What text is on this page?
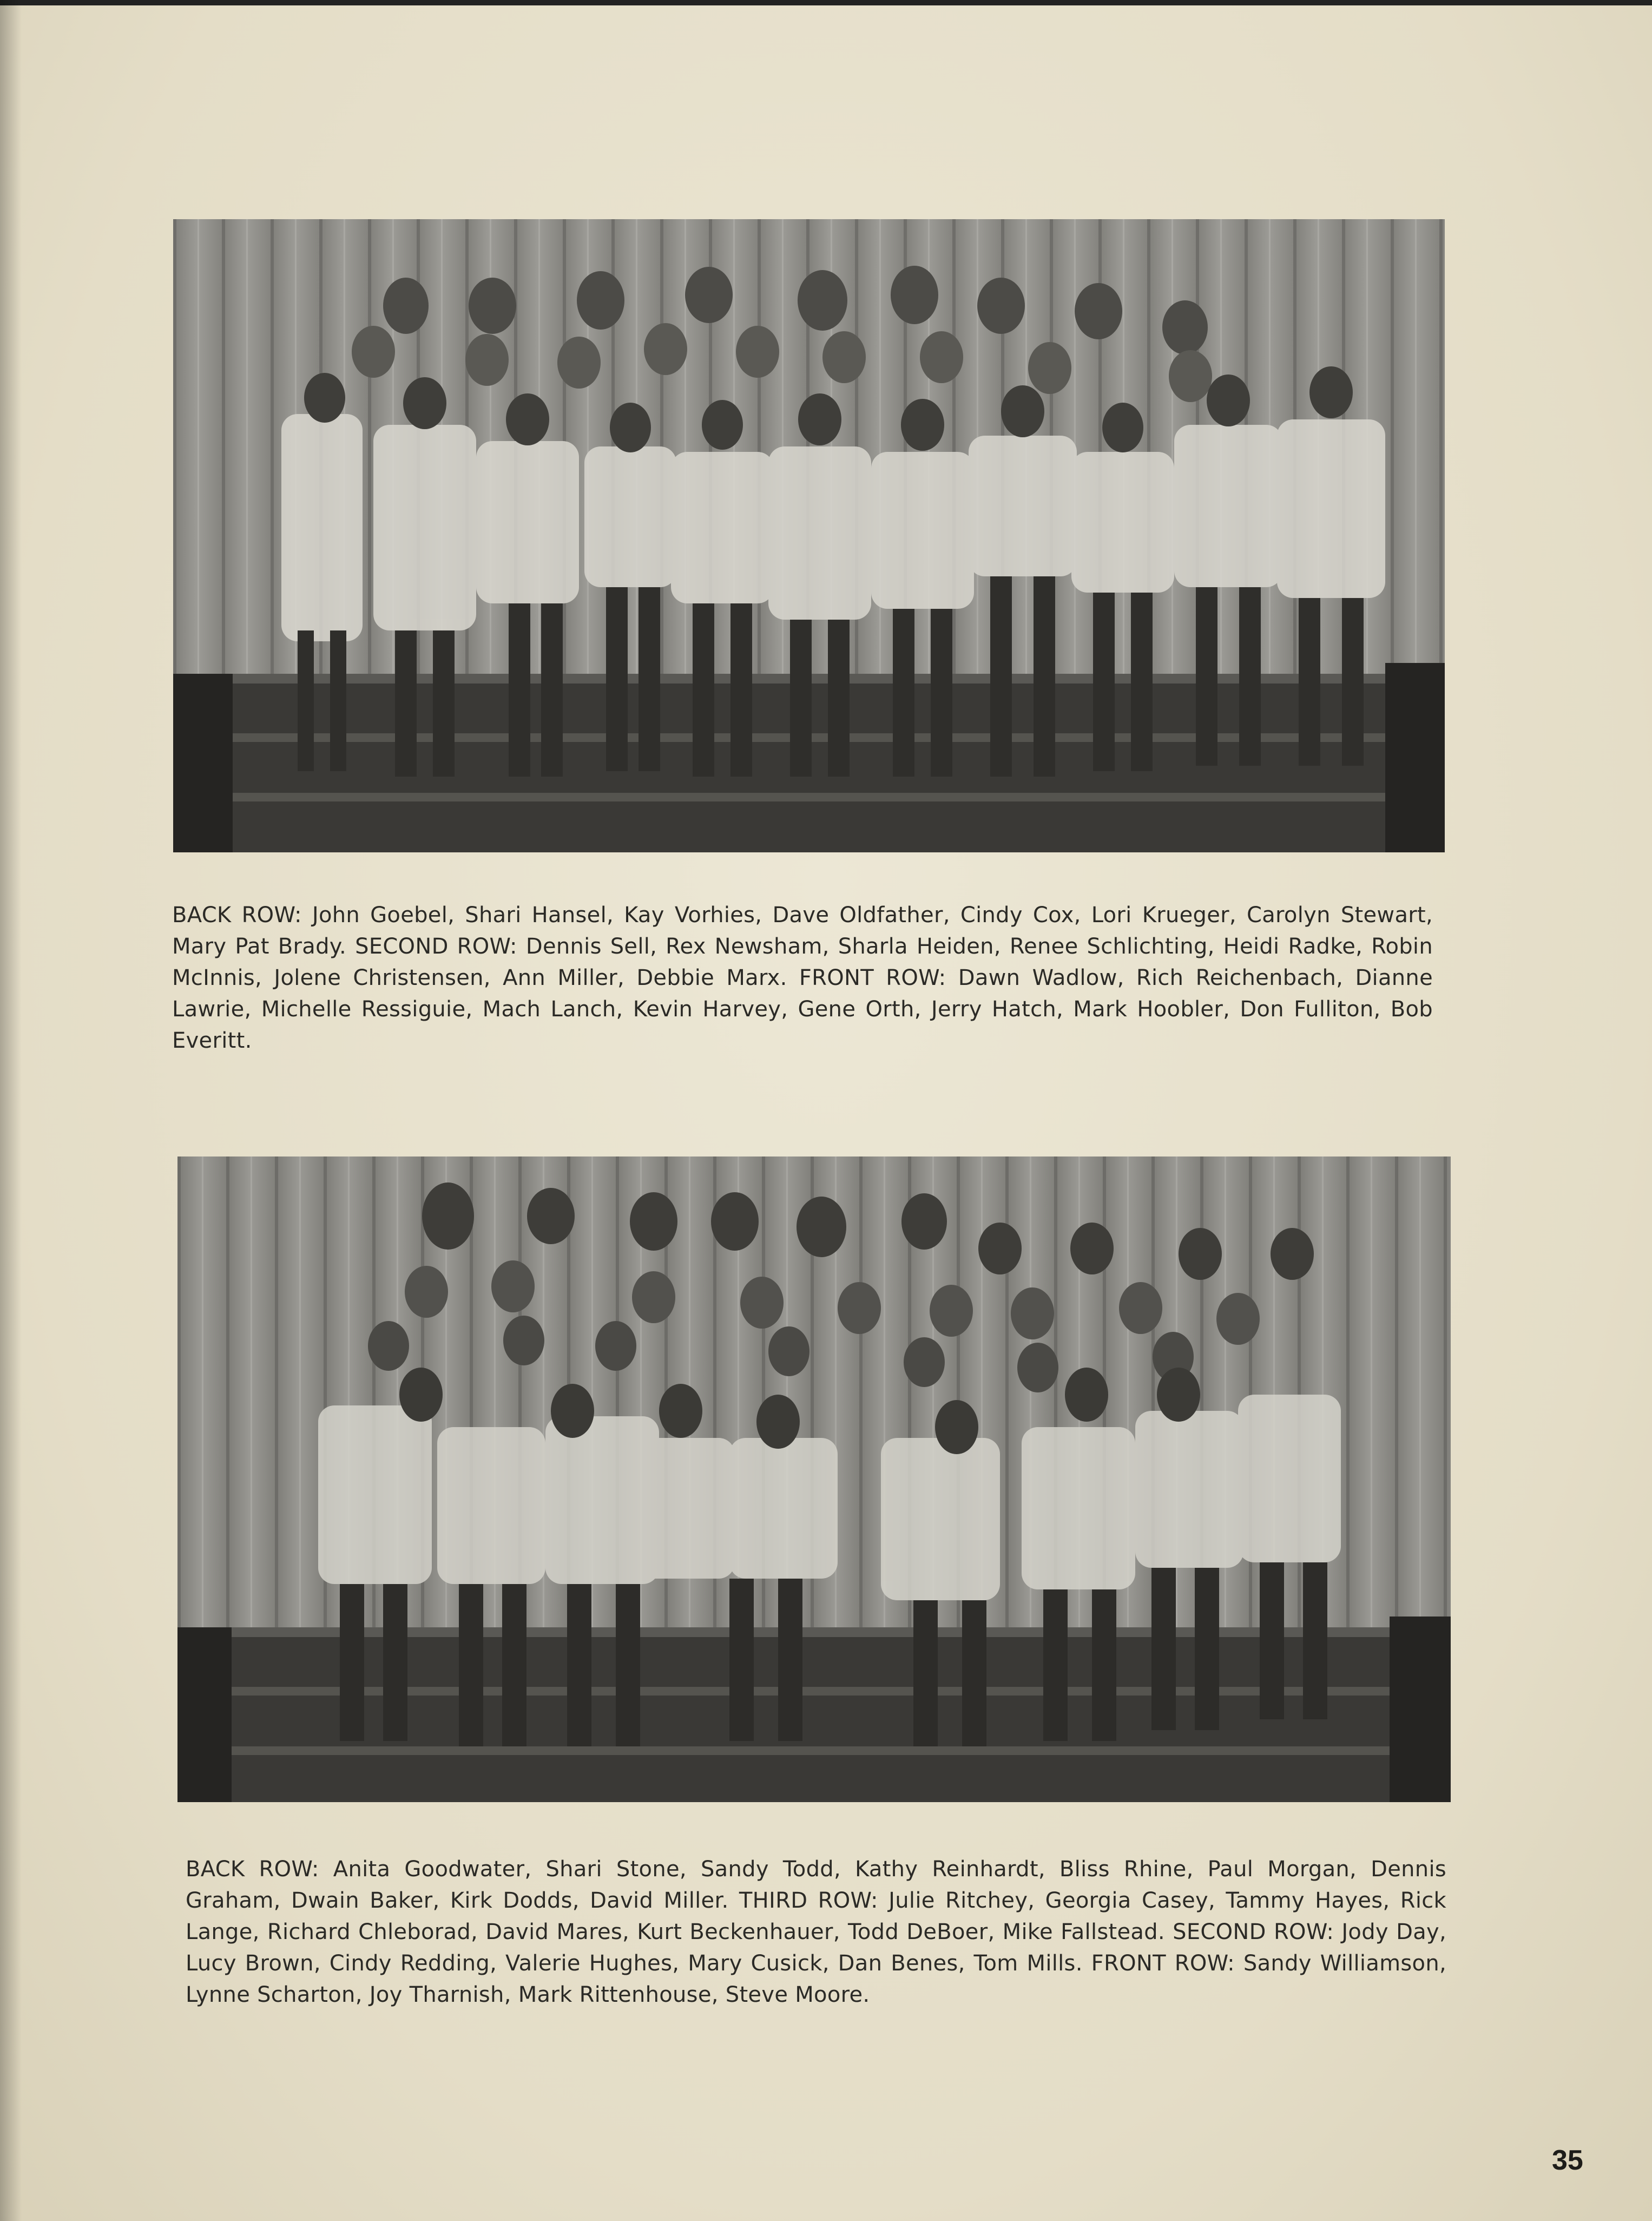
BACK ROW: John Goebel, Shari Hansel, Kay Vorhies, Dave Oldfather, Cindy Cox, Lori Krueger, Carolyn Stewart, Mary Pat Brady. SECOND ROW: Dennis Sell, Rex Newsham, Sharla Heiden, Renee Schlichting, Heidi Radke, Robin McInnis, Jolene Christensen, Ann Miller, Debbie Marx. FRONT ROW: Dawn Wadlow, Rich Reichenbach, Dianne Lawrie, Michelle Ressiguie, Mach Lanch, Kevin Harvey, Gene Orth, Jerry Hatch, Mark Hoobler, Don Fulliton, Bob Everitt.

BACK ROW: Anita Goodwater, Shari Stone, Sandy Todd, Kathy Reinhardt, Bliss Rhine, Paul Morgan, Dennis Graham, Dwain Baker, Kirk Dodds, David Miller. THIRD ROW: Julie Ritchey, Georgia Casey, Tammy Hayes, Rick Lange, Richard Chleborad, David Mares, Kurt Beckenhauer, Todd DeBoer, Mike Fallstead. SECOND ROW: Jody Day, Lucy Brown, Cindy Redding, Valerie Hughes, Mary Cusick, Dan Benes, Tom Mills. FRONT ROW: Sandy Williamson, Lynne Scharton, Joy Tharnish, Mark Rittenhouse, Steve Moore.

35
